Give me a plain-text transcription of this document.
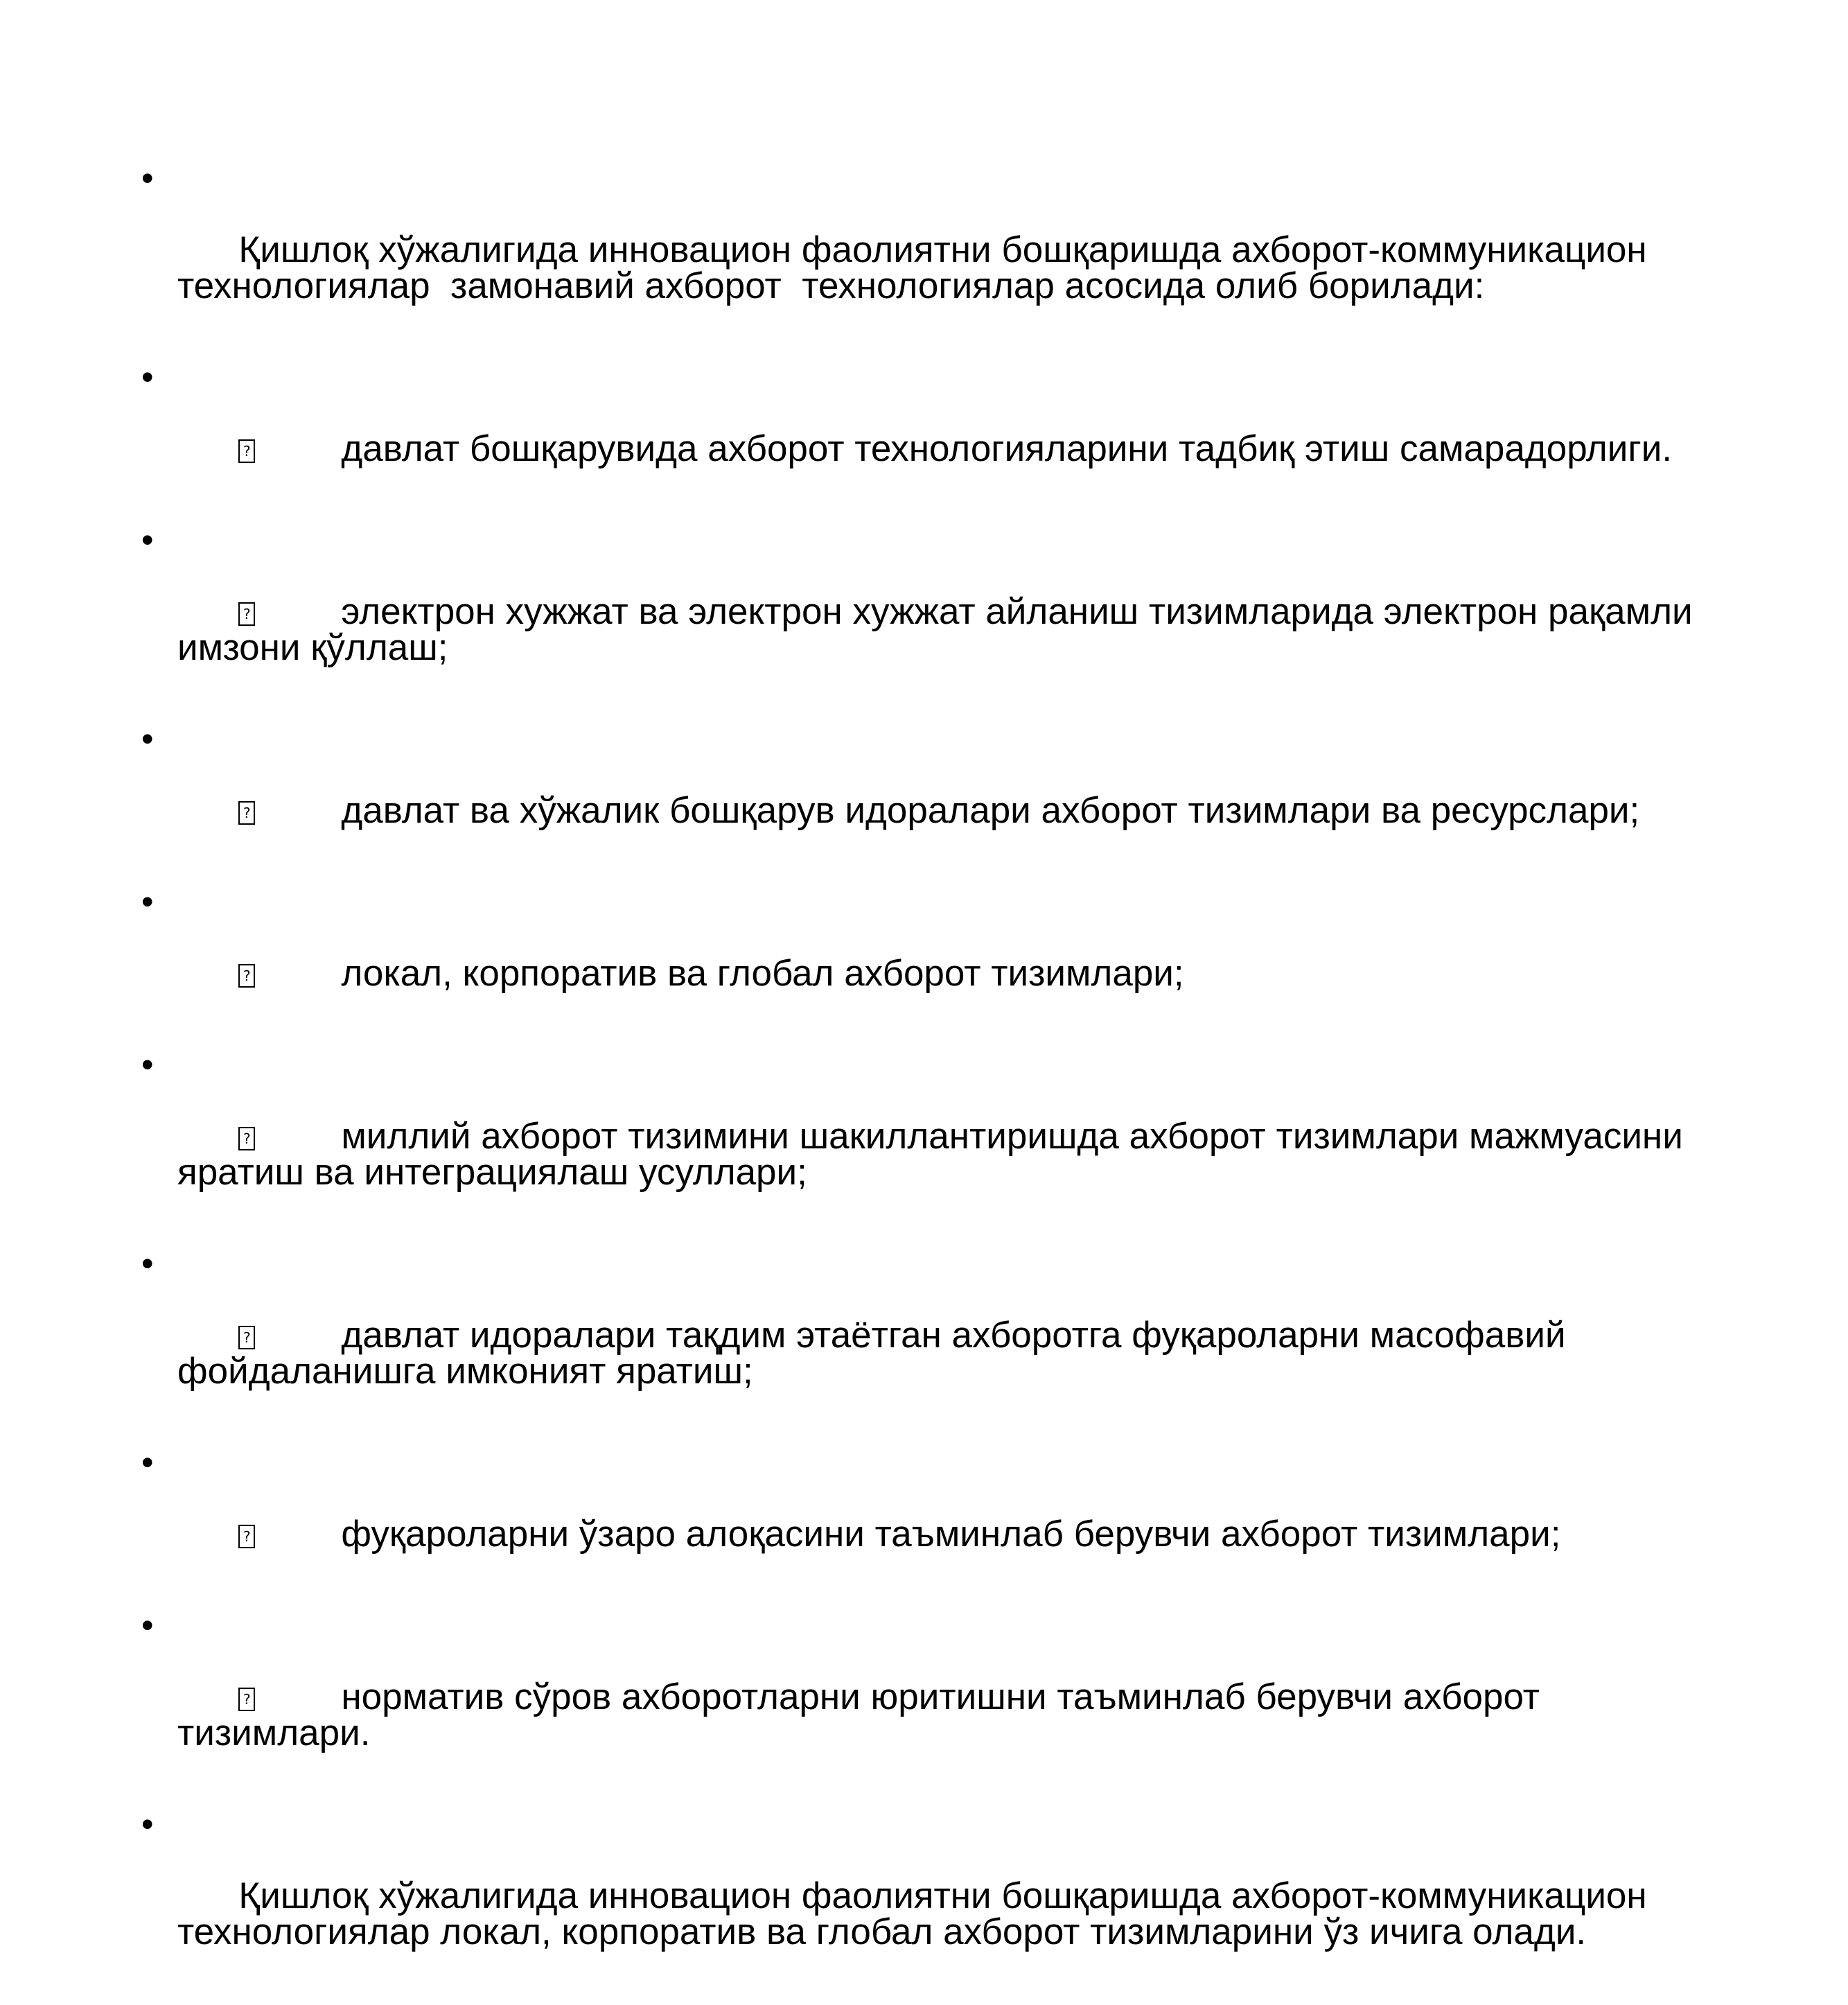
•

Қишлоқ хўжалигида инновацион фаолиятни бошқаришда ахборот-коммуникацион технологиялар  замонавий ахборот  технологиялар асосида олиб борилади:

•

?давлат бошқарувида ахборот технологияларини тадбиқ этиш самарадорлиги.

•

?электрон хужжат ва электрон хужжат айланиш тизимларида электрон рақамли имзони қўллаш;

•

?давлат ва хўжалик бошқарув идоралари ахборот тизимлари ва ресурслари;

•

?локал, корпоратив ва глобал ахборот тизимлари;

•

?миллий ахборот тизимини шакиллантиришда ахборот тизимлари мажмуасини яратиш ва интеграциялаш усуллари;

•

?давлат идоралари тақдим этаётган ахборотга фуқароларни масофавий фойдаланишга имконият яратиш;

•

?фуқароларни ўзаро алоқасини таъминлаб берувчи ахборот тизимлари;

•

?норматив сўров ахборотларни юритишни таъминлаб берувчи ахборот тизимлари.

•

Қишлоқ хўжалигида инновацион фаолиятни бошқаришда ахборот-коммуникацион технологиялар локал, корпоратив ва глобал ахборот тизимларини ўз ичига олади.
